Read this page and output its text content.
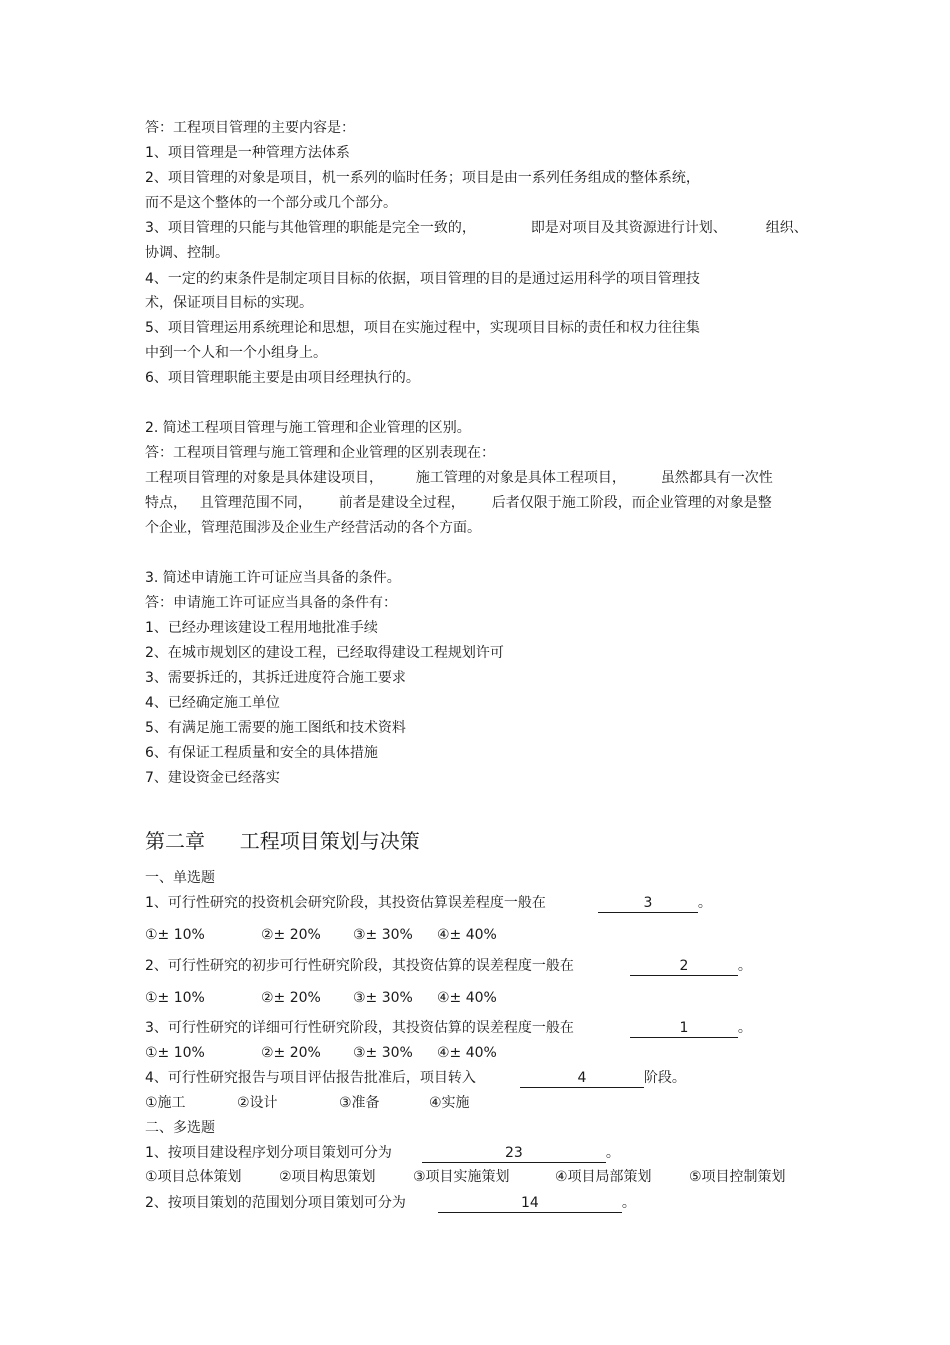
答：工程项目管理的主要内容是：
1、项目管理是一种管理方法体系
2、项目管理的对象是项目，机一系列的临时任务；项目是由一系列任务组成的整体系统，
而不是这个整体的一个部分或几个部分。
3、项目管理的只能与其他管理的职能是完全一致的，	即是对项目及其资源进行计划、	组织、
协调、控制。
4、一定的约束条件是制定项目目标的依据，项目管理的目的是通过运用科学的项目管理技
术，保证项目目标的实现。
5、项目管理运用系统理论和思想，项目在实施过程中，实现项目目标的责任和权力往往集
中到一个人和一个小组身上。
6、项目管理职能主要是由项目经理执行的。
2. 简述工程项目管理与施工管理和企业管理的区别。
答：工程项目管理与施工管理和企业管理的区别表现在：
工程项目管理的对象是具体建设项目， 施工管理的对象是具体工程项目， 虽然都具有一次性
特点， 且管理范围不同， 前者是建设全过程， 后者仅限于施工阶段，而企业管理的对象是整
个企业，管理范围涉及企业生产经营活动的各个方面。
3. 简述申请施工许可证应当具备的条件。
答：申请施工许可证应当具备的条件有：
1、已经办理该建设工程用地批准手续
2、在城市规划区的建设工程，已经取得建设工程规划许可
3、需要拆迁的，其拆迁进度符合施工要求
4、已经确定施工单位
5、有满足施工需要的施工图纸和技术资料
6、有保证工程质量和安全的具体措施
7、建设资金已经落实
第二章 工程项目策划与决策
一、单选题
1、可行性研究的投资机会研究阶段，其投资估算误差程度一般在	3	。
①± 10%	②± 20% ③± 30% ④± 40%
2、可行性研究的初步可行性研究阶段，其投资估算的误差程度一般在	2	。
①± 10%	②± 20% ③± 30% ④± 40%
3、可行性研究的详细可行性研究阶段，其投资估算的误差程度一般在	1	。
①± 10%	②± 20% ③± 30% ④± 40%
4、可行性研究报告与项目评估报告批准后，项目转入	4	阶段。
①施工	②设计	③准备	④实施
二、多选题
1、按项目建设程序划分项目策划可分为	23	。
①项目总体策划	②项目构思策划	③项目实施策划	④项目局部策划	⑤项目控制策划
2、按项目策划的范围划分项目策划可分为	14	。
